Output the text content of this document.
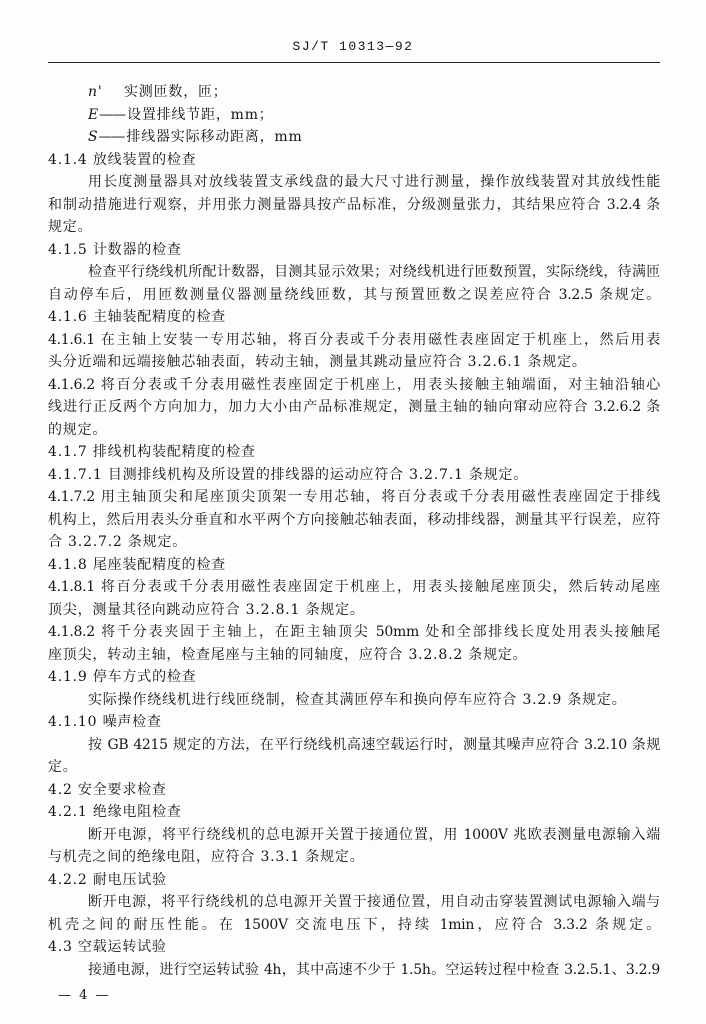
SJ/T 10313—92
n' 实测匝数，匝；
E—— 设置排线节距，mm；
S—— 排线器实际移动距离，mm
4.1.4 放线装置的检查
用长度测量器具对放线装置支承线盘的最大尺寸进行测量，操作放线装置对其放线性能
和制动措施进行观察，并用张力测量器具按产品标准，分级测量张力，其结果应符合 3.2.4 条
规定。
4.1.5 计数器的检查
检查平行绕线机所配计数器，目测其显示效果；对绕线机进行匝数预置，实际绕线，待满匝
自动停车后，用匝数测量仪器测量绕线匝数，其与预置匝数之误差应符合 3.2.5 条规定。
4.1.6 主轴装配精度的检查
4.1.6.1 在主轴上安装一专用芯轴，将百分表或千分表用磁性表座固定于机座上，然后用表
头分近端和远端接触芯轴表面，转动主轴，测量其跳动量应符合 3.2.6.1 条规定。
4.1.6.2 将百分表或千分表用磁性表座固定于机座上，用表头接触主轴端面，对主轴沿轴心
线进行正反两个方向加力，加力大小由产品标准规定，测量主轴的轴向窜动应符合 3.2.6.2 条
的规定。
4.1.7 排线机构装配精度的检查
4.1.7.1 目测排线机构及所设置的排线器的运动应符合 3.2.7.1 条规定。
4.1.7.2 用主轴顶尖和尾座顶尖顶架一专用芯轴，将百分表或千分表用磁性表座固定于排线
机构上，然后用表头分垂直和水平两个方向接触芯轴表面，移动排线器，测量其平行误差，应符
合 3.2.7.2 条规定。
4.1.8 尾座装配精度的检查
4.1.8.1 将百分表或千分表用磁性表座固定于机座上，用表头接触尾座顶尖，然后转动尾座
顶尖，测量其径向跳动应符合 3.2.8.1 条规定。
4.1.8.2 将千分表夹固于主轴上，在距主轴顶尖 50mm 处和全部排线长度处用表头接触尾
座顶尖，转动主轴，检查尾座与主轴的同轴度，应符合 3.2.8.2 条规定。
4.1.9 停车方式的检查
实际操作绕线机进行线匝绕制，检查其满匝停车和换向停车应符合 3.2.9 条规定。
4.1.10 噪声检查
按 GB 4215 规定的方法，在平行绕线机高速空载运行时，测量其噪声应符合 3.2.10 条规
定。
4.2 安全要求检查
4.2.1 绝缘电阻检查
断开电源，将平行绕线机的总电源开关置于接通位置，用 1000V 兆欧表测量电源输入端
与机壳之间的绝缘电阻，应符合 3.3.1 条规定。
4.2.2 耐电压试验
断开电源，将平行绕线机的总电源开关置于接通位置，用自动击穿装置测试电源输入端与
机壳之间的耐压性能。在 1500V 交流电压下，持续 1min，应符合 3.3.2 条规定。
4.3 空载运转试验
接通电源，进行空运转试验 4h，其中高速不少于 1.5h。空运转过程中检查 3.2.5.1、3.2.9
— 4 —
